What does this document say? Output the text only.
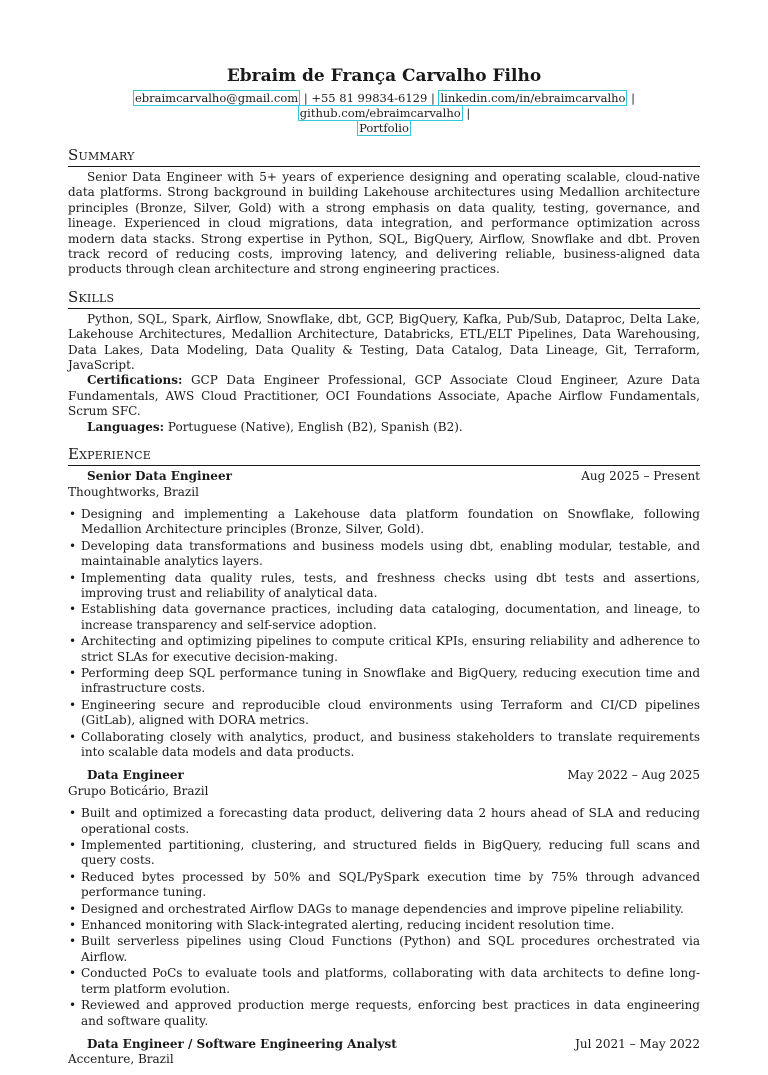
Ebraim de França Carvalho Filho
ebraimcarvalho@gmail.com | +55 81 99834-6129 | linkedin.com/in/ebraimcarvalho | github.com/ebraimcarvalho |
Portfolio
Summary
Senior Data Engineer with 5+ years of experience designing and operating scalable, cloud-native data platforms. Strong background in building Lakehouse architectures using Medallion architecture principles (Bronze, Silver, Gold) with a strong emphasis on data quality, testing, governance, and lineage. Experienced in cloud migrations, data integration, and performance optimization across modern data stacks. Strong expertise in Python, SQL, BigQuery, Airflow, Snowflake and dbt. Proven track record of reducing costs, improving latency, and delivering reliable, business-aligned data products through clean architecture and strong engineering practices.
Skills

Python, SQL, Spark, Airflow, Snowflake, dbt, GCP, BigQuery, Kafka, Pub/Sub, Dataproc, Delta Lake, Lakehouse Architectures, Medallion Architecture, Databricks, ETL/ELT Pipelines, Data Warehousing, Data Lakes, Data Modeling, Data Quality & Testing, Data Catalog, Data Lineage, Git, Terraform, JavaScript.

Certifications: GCP Data Engineer Professional, GCP Associate Cloud Engineer, Azure Data Fundamentals, AWS Cloud Practitioner, OCI Foundations Associate, Apache Airflow Fundamentals, Scrum SFC.

Languages: Portuguese (Native), English (B2), Spanish (B2).

Experience
Senior Data Engineer	Aug 2025 – Present
Thoughtworks, Brazil
• Designing and implementing a Lakehouse data platform foundation on Snowflake, following Medallion Architecture principles (Bronze, Silver, Gold).
• Developing data transformations and business models using dbt, enabling modular, testable, and maintainable analytics layers.
• Implementing data quality rules, tests, and freshness checks using dbt tests and assertions, improving trust and reliability of analytical data.
• Establishing data governance practices, including data cataloging, documentation, and lineage, to increase transparency and self-service adoption.
• Architecting and optimizing pipelines to compute critical KPIs, ensuring reliability and adherence to strict SLAs for executive decision-making.
• Performing deep SQL performance tuning in Snowflake and BigQuery, reducing execution time and infrastructure costs.
• Engineering secure and reproducible cloud environments using Terraform and CI/CD pipelines (GitLab), aligned with DORA metrics.
• Collaborating closely with analytics, product, and business stakeholders to translate requirements into scalable data models and data products.
Data Engineer	May 2022 – Aug 2025
Grupo Boticário, Brazil
• Built and optimized a forecasting data product, delivering data 2 hours ahead of SLA and reducing operational costs.
• Implemented partitioning, clustering, and structured fields in BigQuery, reducing full scans and query costs.
• Reduced bytes processed by 50% and SQL/PySpark execution time by 75% through advanced performance tuning.
• Designed and orchestrated Airflow DAGs to manage dependencies and improve pipeline reliability.
• Enhanced monitoring with Slack-integrated alerting, reducing incident resolution time.
• Built serverless pipelines using Cloud Functions (Python) and SQL procedures orchestrated via Airflow.
• Conducted PoCs to evaluate tools and platforms, collaborating with data architects to define long-term platform evolution.
• Reviewed and approved production merge requests, enforcing best practices in data engineering and software quality.
Data Engineer / Software Engineering Analyst	Jul 2021 – May 2022
Accenture, Brazil
